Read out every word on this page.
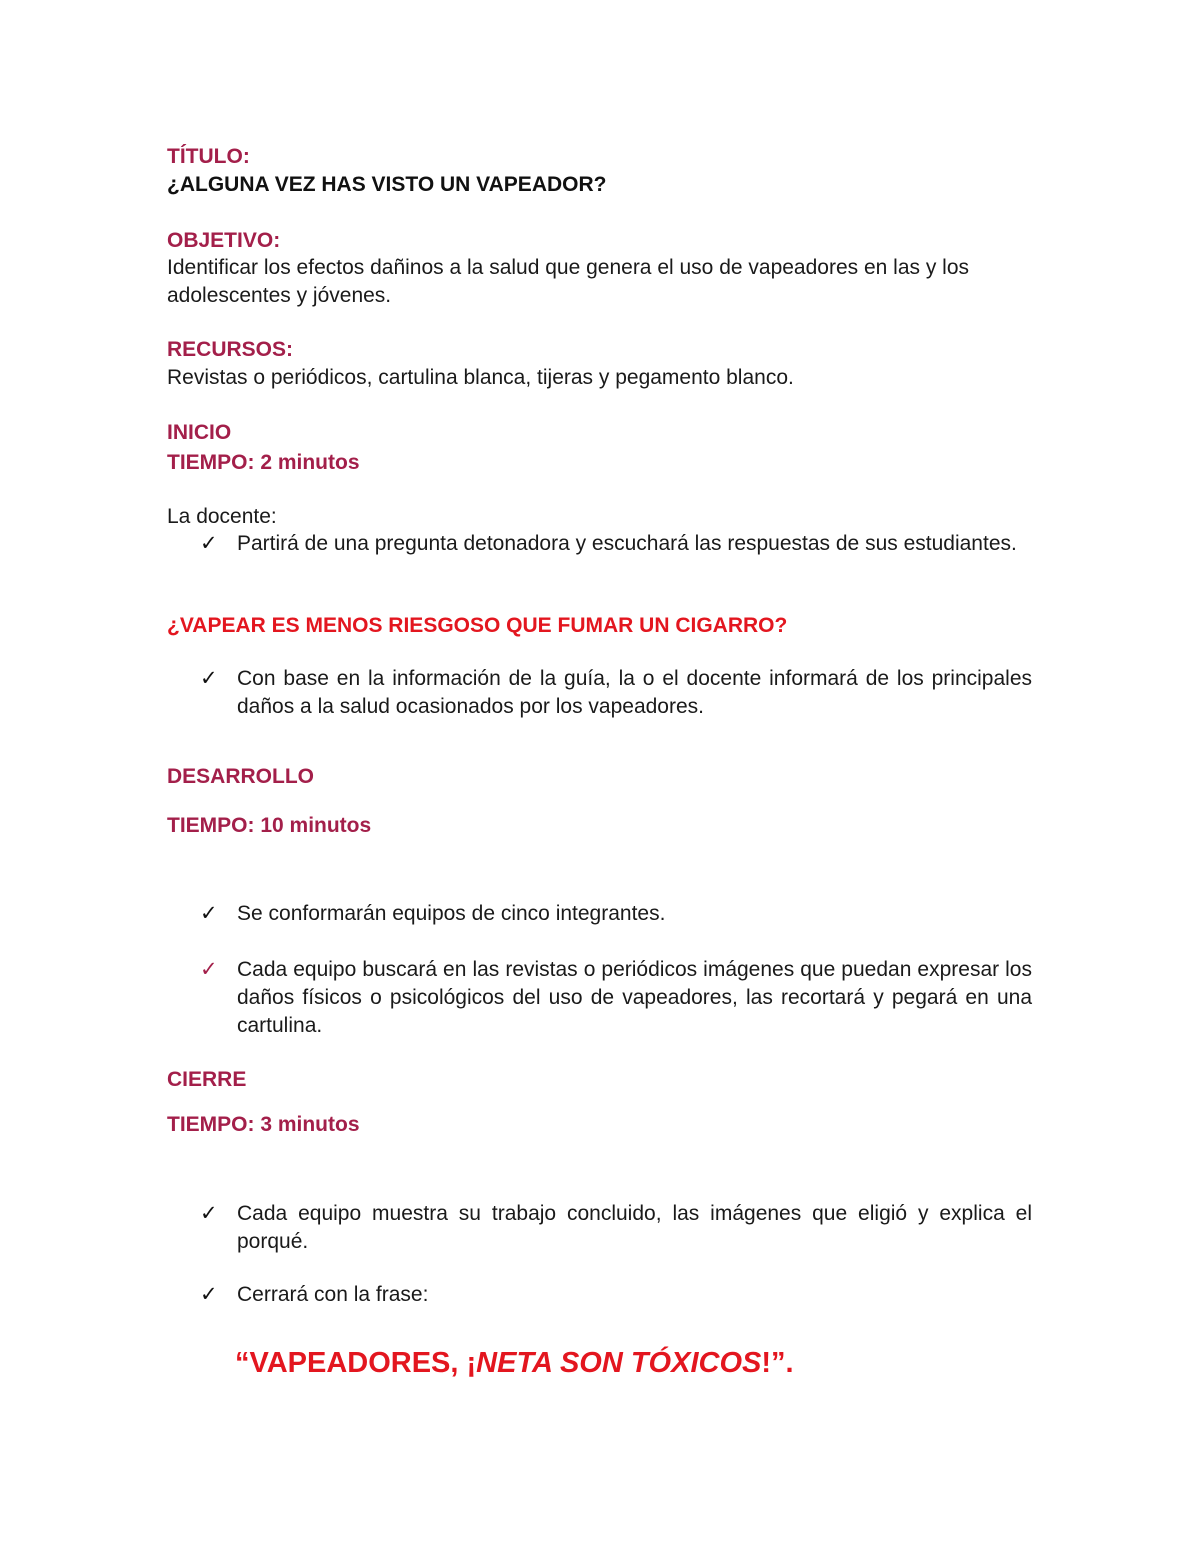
TÍTULO:
¿ALGUNA VEZ HAS VISTO UN VAPEADOR?
OBJETIVO:
Identificar los efectos dañinos a la salud que genera el uso de vapeadores en las y los adolescentes y jóvenes.
RECURSOS:
Revistas o periódicos, cartulina blanca, tijeras y pegamento blanco.
INICIO
TIEMPO: 2 minutos
La docente:
✓ Partirá de una pregunta detonadora y escuchará las respuestas de sus estudiantes.
¿VAPEAR ES MENOS RIESGOSO QUE FUMAR UN CIGARRO?
✓ Con base en la información de la guía, la o el docente informará de los principales daños a la salud ocasionados por los vapeadores.
DESARROLLO
TIEMPO: 10 minutos
✓ Se conformarán equipos de cinco integrantes.
✓ Cada equipo buscará en las revistas o periódicos imágenes que puedan expresar los daños físicos o psicológicos del uso de vapeadores, las recortará y pegará en una cartulina.
CIERRE
TIEMPO: 3 minutos
✓ Cada equipo muestra su trabajo concluido, las imágenes que eligió y explica el porqué.
✓ Cerrará con la frase:
“VAPEADORES, ¡NETA SON TÓXICOS!”.
